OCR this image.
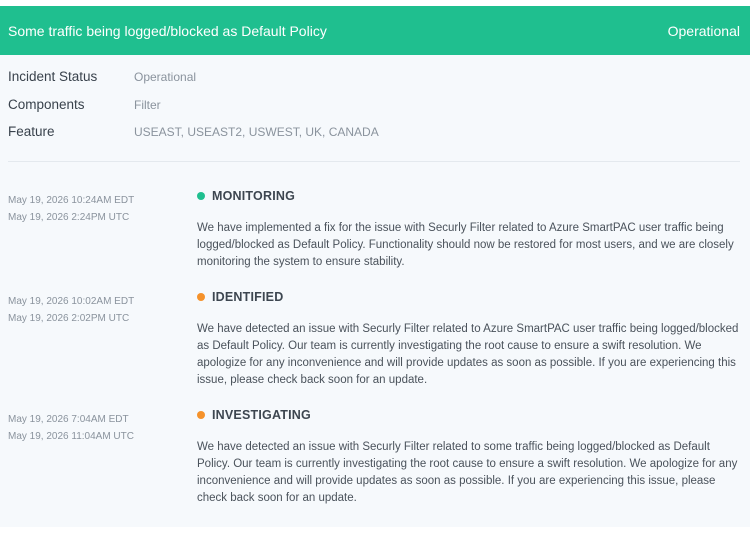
Some traffic being logged/blocked as Default Policy	Operational
Incident Status	Operational
Components	Filter
Feature	USEAST, USEAST2, USWEST, UK, CANADA
May 19, 2026 10:24AM EDT
May 19, 2026 2:24PM UTC
MONITORING
We have implemented a fix for the issue with Securly Filter related to Azure SmartPAC user traffic being logged/blocked as Default Policy. Functionality should now be restored for most users, and we are closely monitoring the system to ensure stability.
May 19, 2026 10:02AM EDT
May 19, 2026 2:02PM UTC
IDENTIFIED
We have detected an issue with Securly Filter related to Azure SmartPAC user traffic being logged/blocked as Default Policy. Our team is currently investigating the root cause to ensure a swift resolution. We apologize for any inconvenience and will provide updates as soon as possible. If you are experiencing this issue, please check back soon for an update.
May 19, 2026 7:04AM EDT
May 19, 2026 11:04AM UTC
INVESTIGATING
We have detected an issue with Securly Filter related to some traffic being logged/blocked as Default Policy. Our team is currently investigating the root cause to ensure a swift resolution. We apologize for any inconvenience and will provide updates as soon as possible. If you are experiencing this issue, please check back soon for an update.
